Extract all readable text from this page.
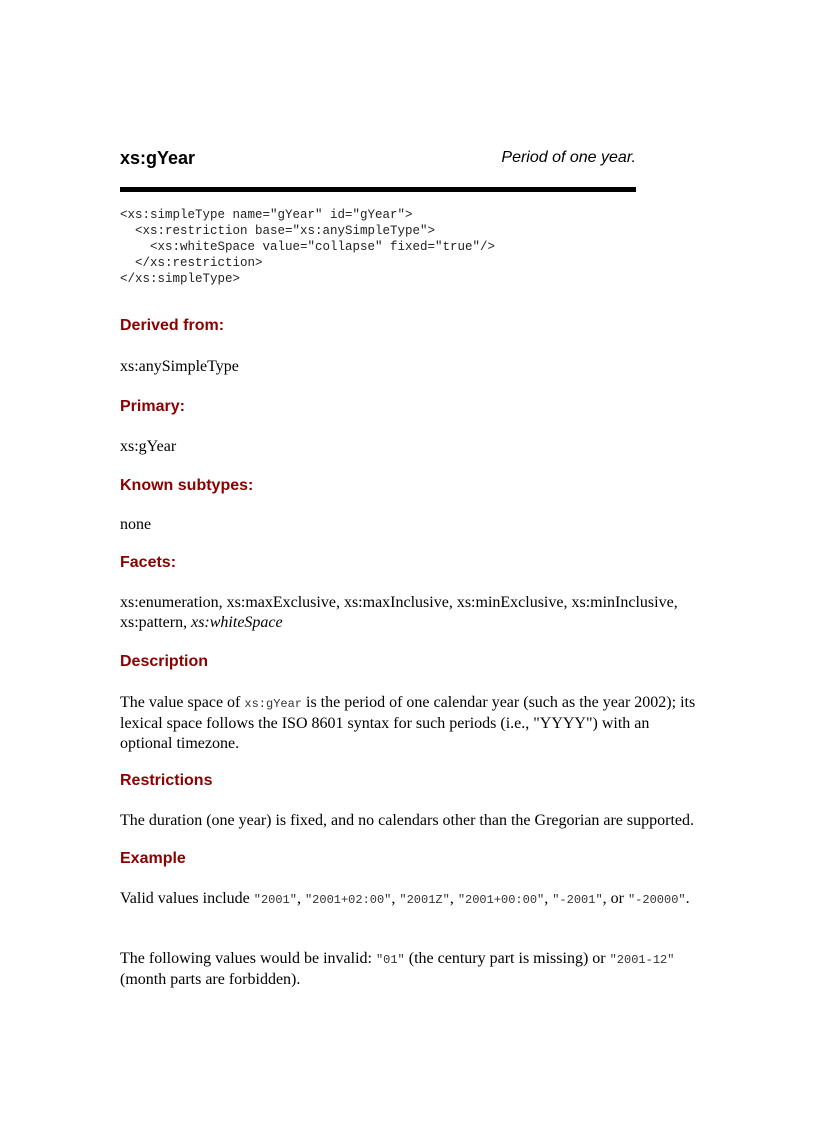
xs:gYear	Period of one year.
<xs:simpleType name="gYear" id="gYear">
<xs:restriction base="xs:anySimpleType">
<xs:whiteSpace value="collapse" fixed="true"/>
</xs:restriction>
</xs:simpleType>
Derived from:
xs:anySimpleType
Primary:
xs:gYear
Known subtypes:
none
Facets:
xs:enumeration, xs:maxExclusive, xs:maxInclusive, xs:minExclusive, xs:minInclusive, xs:pattern, xs:whiteSpace
Description
The value space of xs:gYear is the period of one calendar year (such as the year 2002); its lexical space follows the ISO 8601 syntax for such periods (i.e., "YYYY") with an optional timezone.
Restrictions
The duration (one year) is fixed, and no calendars other than the Gregorian are supported.
Example
Valid values include "2001", "2001+02:00", "2001Z", "2001+00:00", "-2001", or "-20000".
The following values would be invalid: "01" (the century part is missing) or "2001-12" (month parts are forbidden).
